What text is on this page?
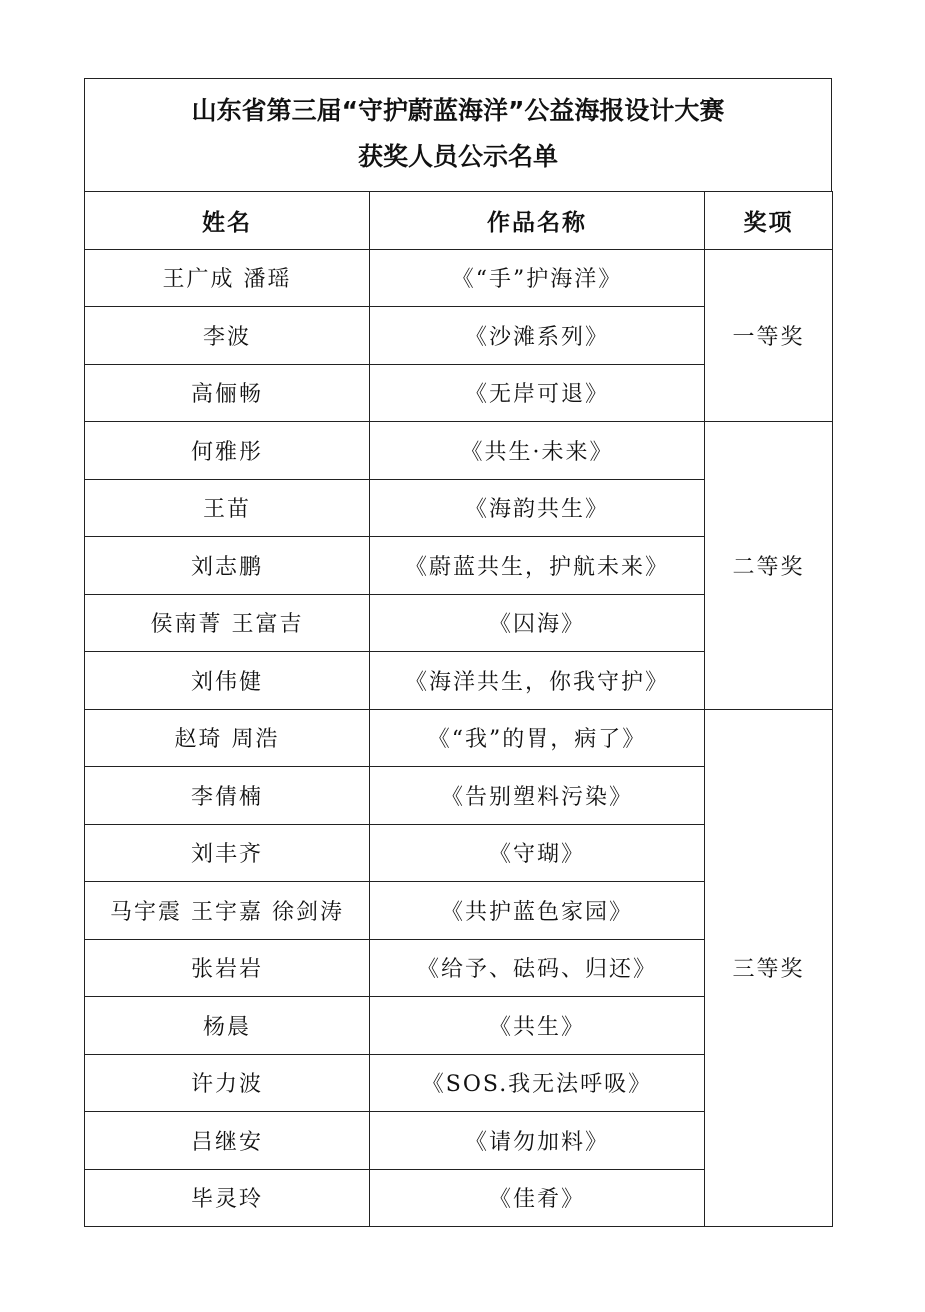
山东省第三届“守护蔚蓝海洋”公益海报设计大赛
获奖人员公示名单
姓名	作品名称	奖项
王广成 潘瑶	《“手”护海洋》	一等奖
李波	《沙滩系列》	
高俪畅	《无岸可退》	
何雅彤	《共生·未来》	二等奖
王苗	《海韵共生》	
刘志鹏	《蔚蓝共生，护航未来》	
侯南菁 王富吉	《囚海》	
刘伟健	《海洋共生，你我守护》	
赵琦 周浩	《“我”的胃，病了》	三等奖
李倩楠	《告别塑料污染》	
刘丰齐	《守瑚》	
马宇震 王宇嘉 徐剑涛	《共护蓝色家园》	
张岩岩	《给予、砝码、归还》	
杨晨	《共生》	
许力波	《SOS.我无法呼吸》	
吕继安	《请勿加料》	
毕灵玲	《佳肴》	
